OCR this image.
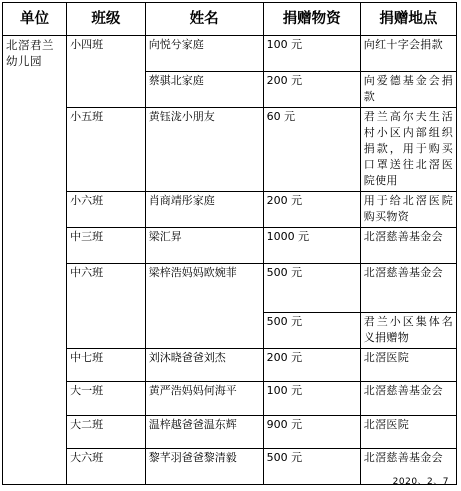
单位	班级	姓名	捐赠物资	捐赠地点
北滘君兰幼儿园	小四班	向悦兮家庭	100 元	向红十字会捐款
		蔡骐北家庭	200 元	向爱德基金会捐款
	小五班	黄钰泷小朋友	60 元	君兰高尔夫生活村小区内部组织捐款，用于购买口罩送往北滘医院使用
	小六班	肖商靖彤家庭	200 元	用于给北滘医院购买物资
	中三班	梁汇昇	1000 元	北滘慈善基金会
	中六班	梁梓浩妈妈欧婉菲	500 元	北滘慈善基金会
			500 元	君兰小区集体名义捐赠物
	中七班	刘沐晓爸爸刘杰	200 元	北滘医院
	大一班	黄严浩妈妈何海平	100 元	北滘慈善基金会
	大二班	温梓越爸爸温东辉	900 元	北滘医院
	大六班	黎芊羽爸爸黎清毅	500 元	北滘慈善基金会
2020、2、7
